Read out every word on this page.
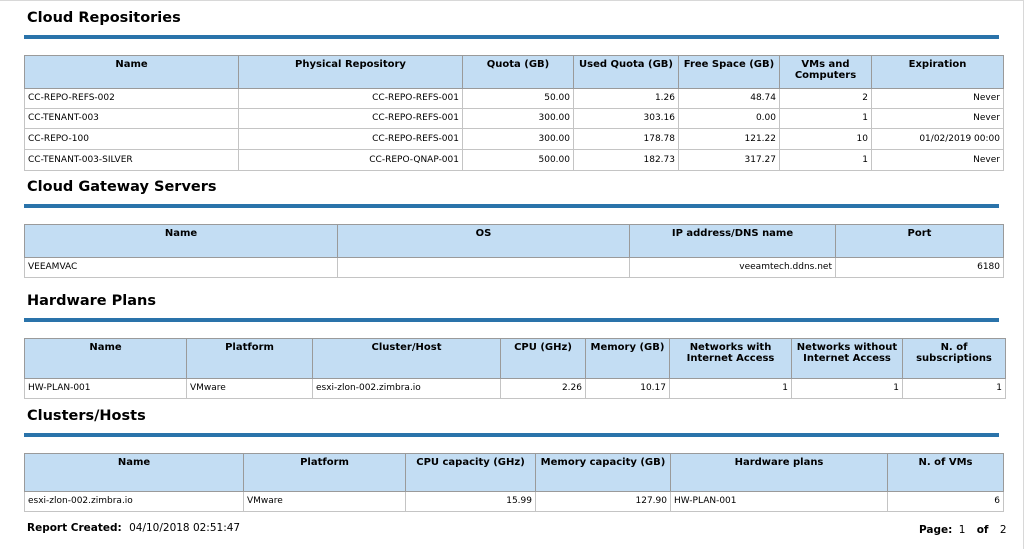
Cloud Repositories
Name	Physical Repository	Quota (GB)	Used Quota (GB)	Free Space (GB)	VMs and Computers	Expiration
CC-REPO-REFS-002	CC-REPO-REFS-001	50.00	1.26	48.74	2	Never
CC-TENANT-003	CC-REPO-REFS-001	300.00	303.16	0.00	1	Never
CC-REPO-100	CC-REPO-REFS-001	300.00	178.78	121.22	10	01/02/2019 00:00
CC-TENANT-003-SILVER	CC-REPO-QNAP-001	500.00	182.73	317.27	1	Never
Cloud Gateway Servers
Name	OS	IP address/DNS name	Port
VEEAMVAC		veeamtech.ddns.net	6180
Hardware Plans
Name	Platform	Cluster/Host	CPU (GHz)	Memory (GB)	Networks with Internet Access	Networks without Internet Access	N. of subscriptions
HW-PLAN-001	VMware	esxi-zlon-002.zimbra.io	2.26	10.17	1	1	1
Clusters/Hosts
Name	Platform	CPU capacity (GHz)	Memory capacity (GB)	Hardware plans	N. of VMs
esxi-zlon-002.zimbra.io	VMware	15.99	127.90	HW-PLAN-001	6
Report Created: 04/10/2018 02:51:47	Page: 1 of 2
